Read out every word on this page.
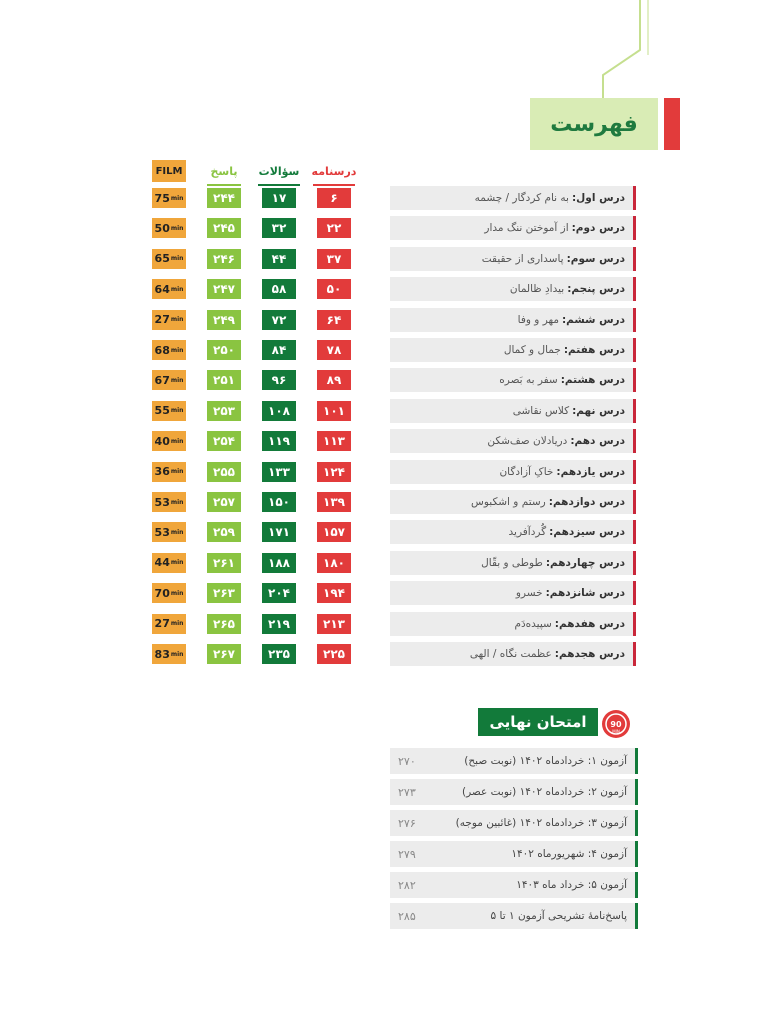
فهرست
FILM	پاسخ	سؤالات درسنامه
75 min	۲۴۴	۱۷	۶	درس اول:
به نام کردگار / چشمه
50 min	۲۴۵	۳۲	۲۲	درس دوم:
از آموختن ننگ مدار
65 min	۲۴۶	۴۴	۳۷	درس سوم:
پاسداری از حقیقت
64 min	۲۴۷	۵۸	۵۰	درس پنجم:
بیدادِ ظالمان
27 min	۲۴۹	۷۲	۶۴	درس ششم:
مهر و وفا
68 min	۲۵۰	۸۴	۷۸	درس هفتم:
جمال و کمال
67 min	۲۵۱	۹۶	۸۹	درس هشتم:
سفر به بَصره
55 min	۲۵۳	۱۰۸	۱۰۱	درس نهم:
کلاس نقاشی
40 min	۲۵۴	۱۱۹	۱۱۳	درس دهم:
دریادلان صف‌شکن
36 min	۲۵۵	۱۳۳	۱۲۴	درس یازدهم:
خاکِ آزادگان
53 min	۲۵۷	۱۵۰	۱۳۹	درس دوازدهم:
رستم و اشکبوس
53 min	۲۵۹	۱۷۱	۱۵۷	درس سیزدهم:
گُردآفرید
44 min	۲۶۱	۱۸۸	۱۸۰	درس چهاردهم:
طوطی و بقّال
70 min	۲۶۳	۲۰۴	۱۹۴	درس شانزدهم:
خسرو
27 min	۲۶۵	۲۱۹	۲۱۳	درس هفدهم:
سپیده‌دَم
83 min	۲۶۷	۲۳۵	۲۲۵	درس هجدهم:
عظمت نگاه / الهی
امتحان نهایی	90
MIN
آزمون ۱: خردادماه ۱۴۰۲ (نوبت صبح)
۲۷۰
آزمون ۲: خردادماه ۱۴۰۲ (نوبت عصر)
۲۷۳
آزمون ۳: خردادماه ۱۴۰۲ (غائبین موجه)
۲۷۶
آزمون ۴: شهریورماه ۱۴۰۲
۲۷۹
آزمون ۵: خرداد ماه ۱۴۰۳
۲۸۲
پاسخ‌نامۀ تشریحی آزمون ۱ تا ۵
۲۸۵
